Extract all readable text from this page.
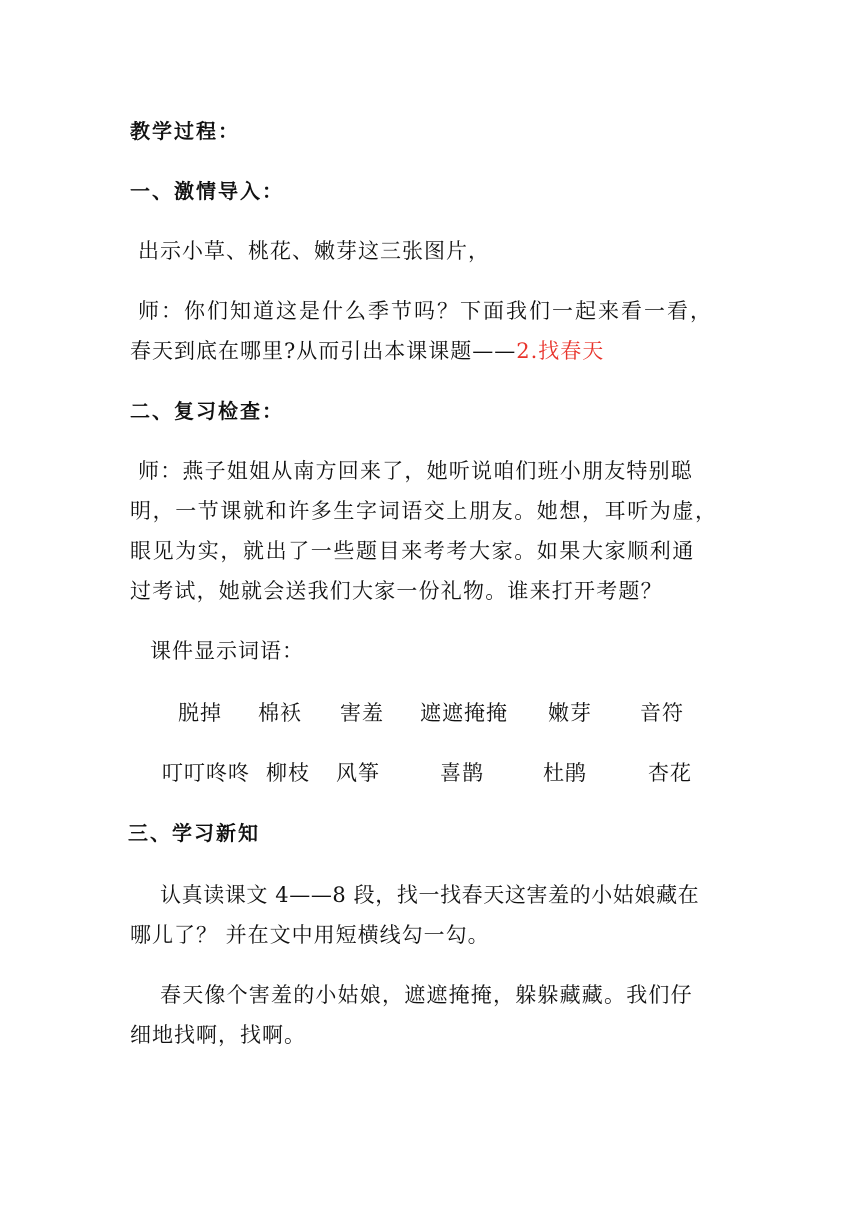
教学过程：
一、激情导入：
出示小草、桃花、嫩芽这三张图片，
师：你们知道这是什么季节吗？下面我们一起来看一看，
春天到底在哪里?从而引出本课课题——2.找春天
二、复习检查：
师：燕子姐姐从南方回来了，她听说咱们班小朋友特别聪
明，一节课就和许多生字词语交上朋友。她想，耳听为虚，
眼见为实，就出了一些题目来考考大家。如果大家顺利通
过考试，她就会送我们大家一份礼物。谁来打开考题？
课件显示词语：
脱掉 棉袄 害羞 遮遮掩掩 嫩芽 音符
叮叮咚咚 柳枝 风筝	喜鹊	杜鹃	杏花
三、学习新知
认真读课文 4——8 段，找一找春天这害羞的小姑娘藏在
哪儿了？ 并在文中用短横线勾一勾。
春天像个害羞的小姑娘，遮遮掩掩，躲躲藏藏。我们仔
细地找啊，找啊。
